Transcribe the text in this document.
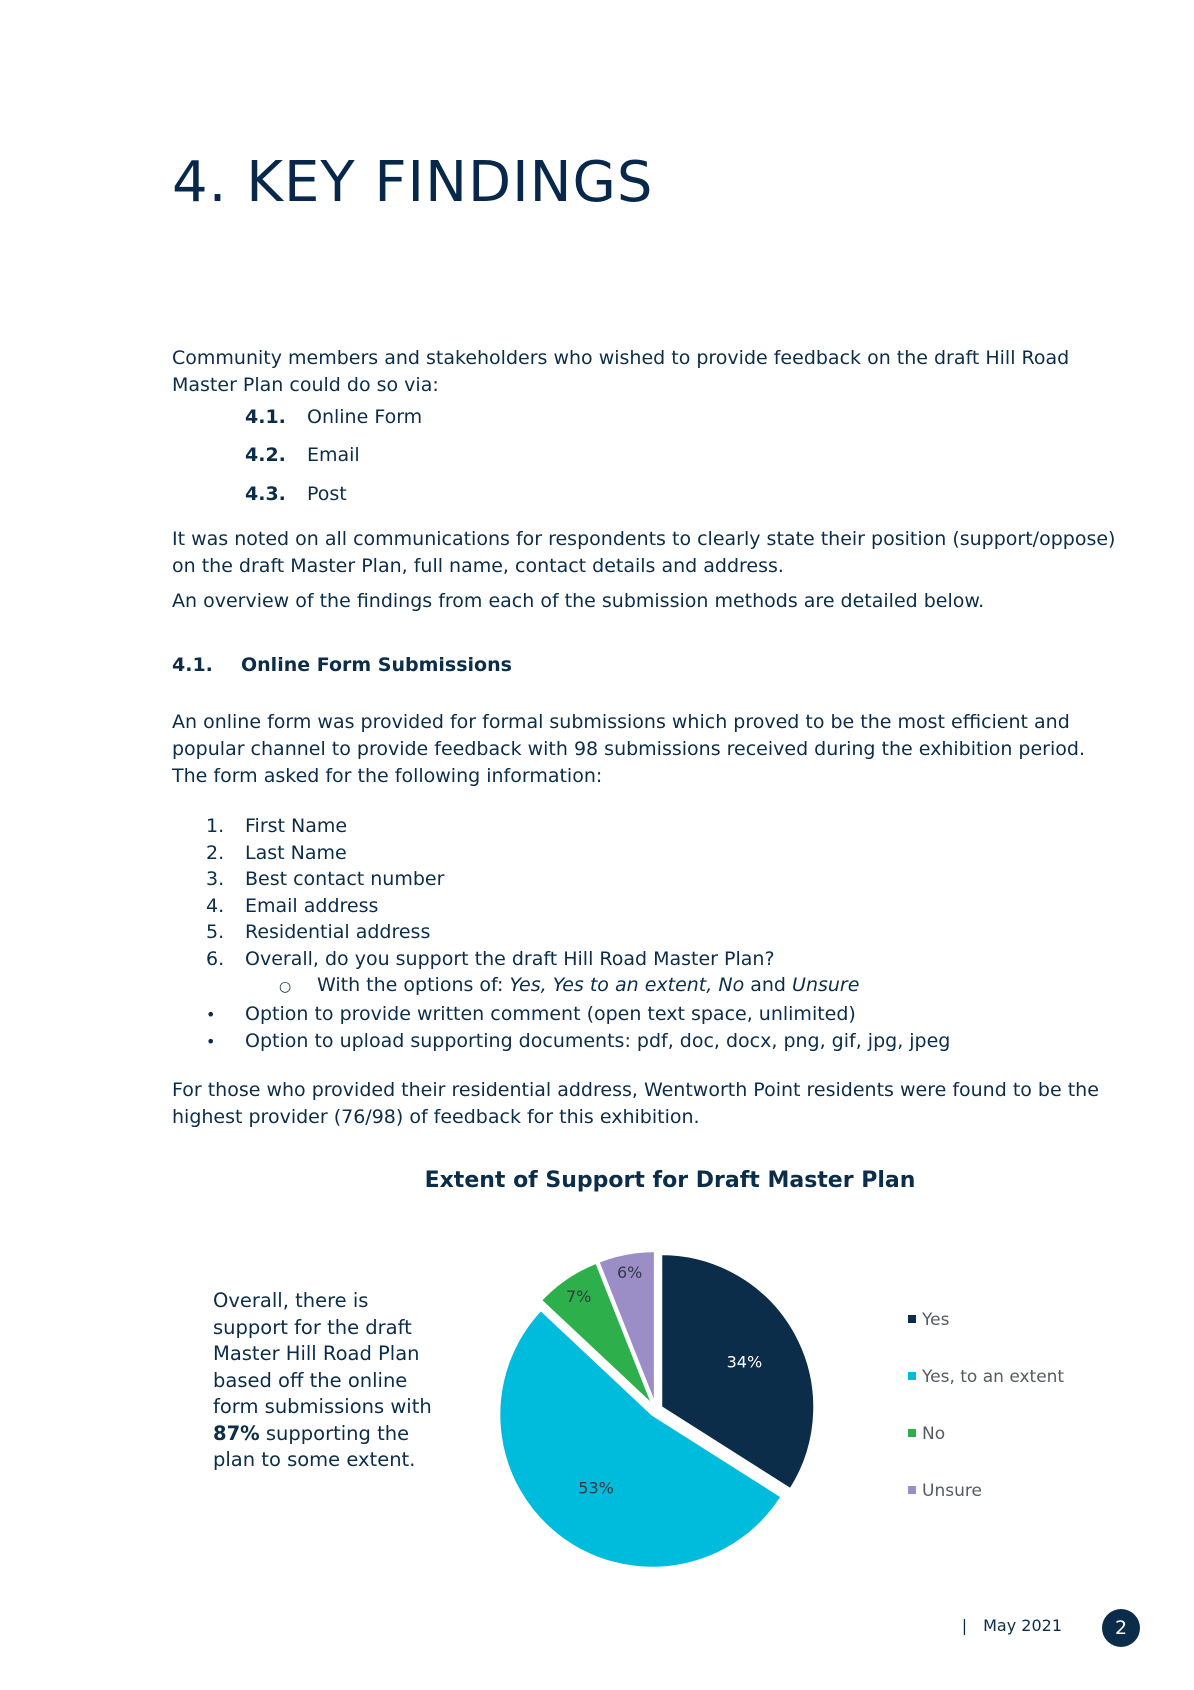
4. KEY FINDINGS

Community members and stakeholders who wished to provide feedback on the draft Hill Road Master Plan could do so via:

4.1. Online Form
4.2. Email
4.3. Post

It was noted on all communications for respondents to clearly state their position (support/oppose) on the draft Master Plan, full name, contact details and address.

An overview of the findings from each of the submission methods are detailed below.

4.1. Online Form Submissions

An online form was provided for formal submissions which proved to be the most efficient and popular channel to provide feedback with 98 submissions received during the exhibition period.
The form asked for the following information:

1. First Name
2. Last Name
3. Best contact number
4. Email address
5. Residential address
6. Overall, do you support the draft Hill Road Master Plan?
○ With the options of: Yes, Yes to an extent, No and Unsure
• Option to provide written comment (open text space, unlimited)
• Option to upload supporting documents: pdf, doc, docx, png, gif, jpg, jpeg

For those who provided their residential address, Wentworth Point residents were found to be the highest provider (76/98) of feedback for this exhibition.

Extent of Support for Draft Master Plan
Overall, there is support for the draft Master Hill Road Plan based off the online form submissions with 87% supporting the plan to some extent.
34%
53%
7%
6%
Yes
Yes, to an extent
No
Unsure
| May 2021	2
